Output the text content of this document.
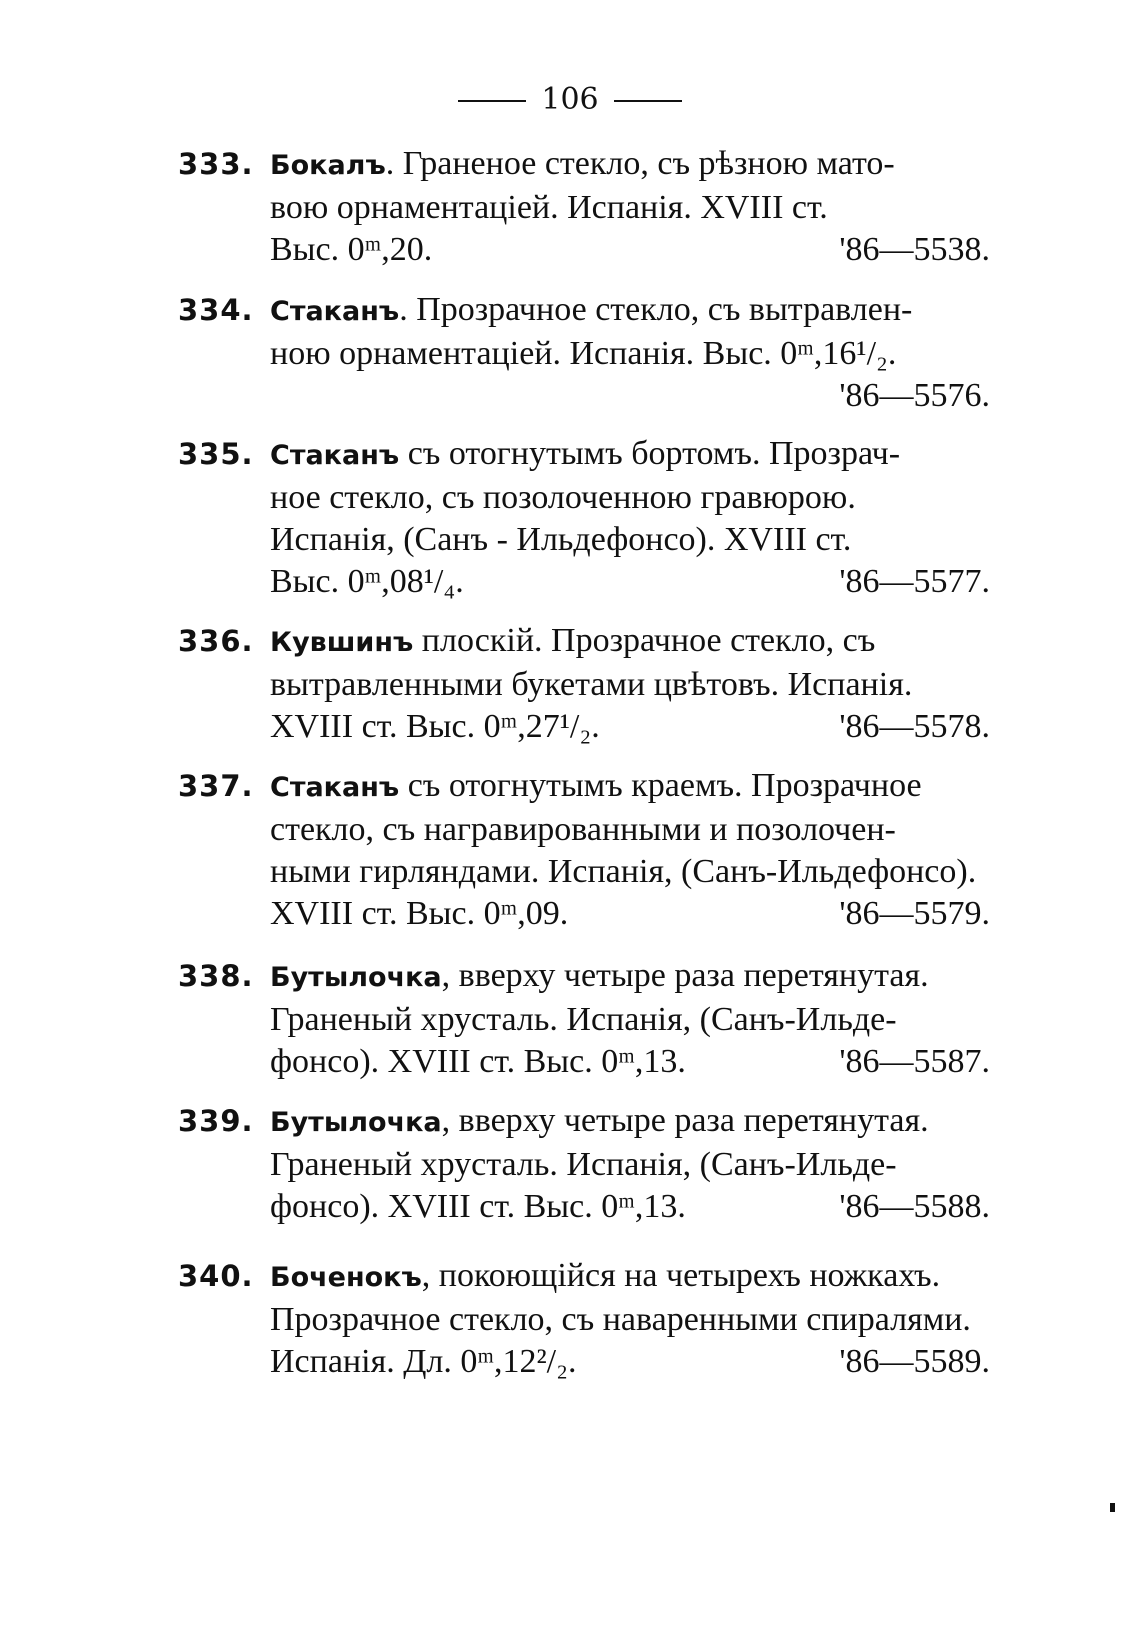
106
333. Бокалъ. Граненое стекло, съ рѣзною мато-
вою орнаментаціей. Испанія. XVIII ст.
Выс. 0ᵐ,20.	'86—5538.
334. Стаканъ. Прозрачное стекло, съ вытравлен-
ною орнаментаціей. Испанія. Выс. 0ᵐ,16¹/₂.
'86—5576.
335. Стаканъ съ отогнутымъ бортомъ. Прозрач-
ное стекло, съ позолоченною гравюрою.
Испанія, (Санъ - Ильдефонсо). XVIII ст.
Выс. 0ᵐ,08¹/₄.	'86—5577.
336. Кувшинъ плоскій. Прозрачное стекло, съ
вытравленными букетами цвѣтовъ. Испанія.
XVIII ст. Выс. 0ᵐ,27¹/₂.	'86—5578.
337. Стаканъ съ отогнутымъ краемъ. Прозрачное
стекло, съ награвированными и позолочен-
ными гирляндами. Испанія, (Санъ-Ильдефонсо).
XVIII ст. Выс. 0ᵐ,09.	'86—5579.
338. Бутылочка, вверху четыре раза перетянутая.
Граненый хрусталь. Испанія, (Санъ-Ильде-
фонсо). XVIII ст. Выс. 0ᵐ,13.	'86—5587.
339. Бутылочка, вверху четыре раза перетянутая.
Граненый хрусталь. Испанія, (Санъ-Ильде-
фонсо). XVIII ст. Выс. 0ᵐ,13.	'86—5588.
340. Боченокъ, покоющійся на четырехъ ножкахъ.
Прозрачное стекло, съ наваренными спиралями.
Испанія. Дл. 0ᵐ,12²/₂.	'86—5589.
